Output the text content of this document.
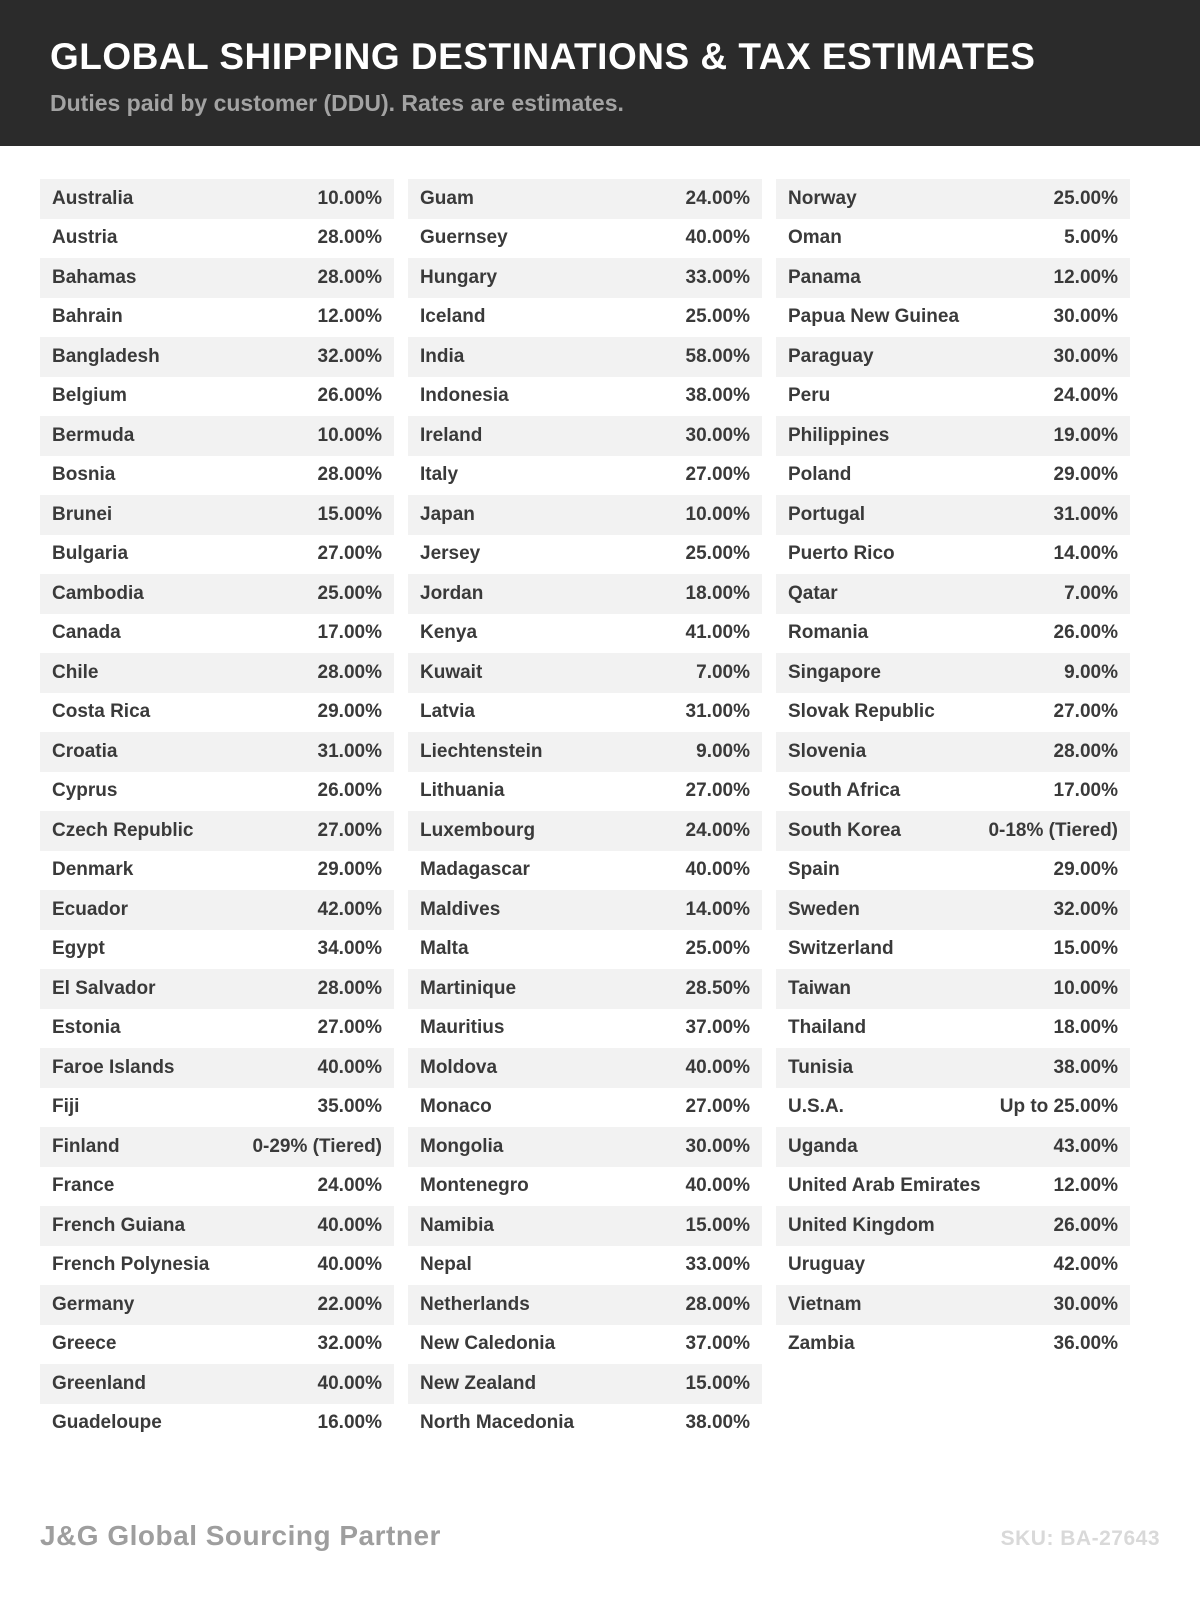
GLOBAL SHIPPING DESTINATIONS & TAX ESTIMATES

Duties paid by customer (DDU). Rates are estimates.

Australia	10.00%
Austria	28.00%
Bahamas	28.00%
Bahrain	12.00%
Bangladesh	32.00%
Belgium	26.00%
Bermuda	10.00%
Bosnia	28.00%
Brunei	15.00%
Bulgaria	27.00%
Cambodia	25.00%
Canada	17.00%
Chile	28.00%
Costa Rica	29.00%
Croatia	31.00%
Cyprus	26.00%
Czech Republic	27.00%
Denmark	29.00%
Ecuador	42.00%
Egypt	34.00%
El Salvador	28.00%
Estonia	27.00%
Faroe Islands	40.00%
Fiji	35.00%
Finland	0-29% (Tiered)
France	24.00%
French Guiana	40.00%
French Polynesia	40.00%
Germany	22.00%
Greece	32.00%
Greenland	40.00%
Guadeloupe	16.00%
Guam	24.00%
Guernsey	40.00%
Hungary	33.00%
Iceland	25.00%
India	58.00%
Indonesia	38.00%
Ireland	30.00%
Italy	27.00%
Japan	10.00%
Jersey	25.00%
Jordan	18.00%
Kenya	41.00%
Kuwait	7.00%
Latvia	31.00%
Liechtenstein	9.00%
Lithuania	27.00%
Luxembourg	24.00%
Madagascar	40.00%
Maldives	14.00%
Malta	25.00%
Martinique	28.50%
Mauritius	37.00%
Moldova	40.00%
Monaco	27.00%
Mongolia	30.00%
Montenegro	40.00%
Namibia	15.00%
Nepal	33.00%
Netherlands	28.00%
New Caledonia	37.00%
New Zealand	15.00%
North Macedonia	38.00%
Norway	25.00%
Oman	5.00%
Panama	12.00%
Papua New Guinea	30.00%
Paraguay	30.00%
Peru	24.00%
Philippines	19.00%
Poland	29.00%
Portugal	31.00%
Puerto Rico	14.00%
Qatar	7.00%
Romania	26.00%
Singapore	9.00%
Slovak Republic	27.00%
Slovenia	28.00%
South Africa	17.00%
South Korea	0-18% (Tiered)
Spain	29.00%
Sweden	32.00%
Switzerland	15.00%
Taiwan	10.00%
Thailand	18.00%
Tunisia	38.00%
U.S.A.	Up to 25.00%
Uganda	43.00%
United Arab Emirates	12.00%
United Kingdom	26.00%
Uruguay	42.00%
Vietnam	30.00%
Zambia	36.00%
J&G Global Sourcing Partner	SKU: BA-27643
